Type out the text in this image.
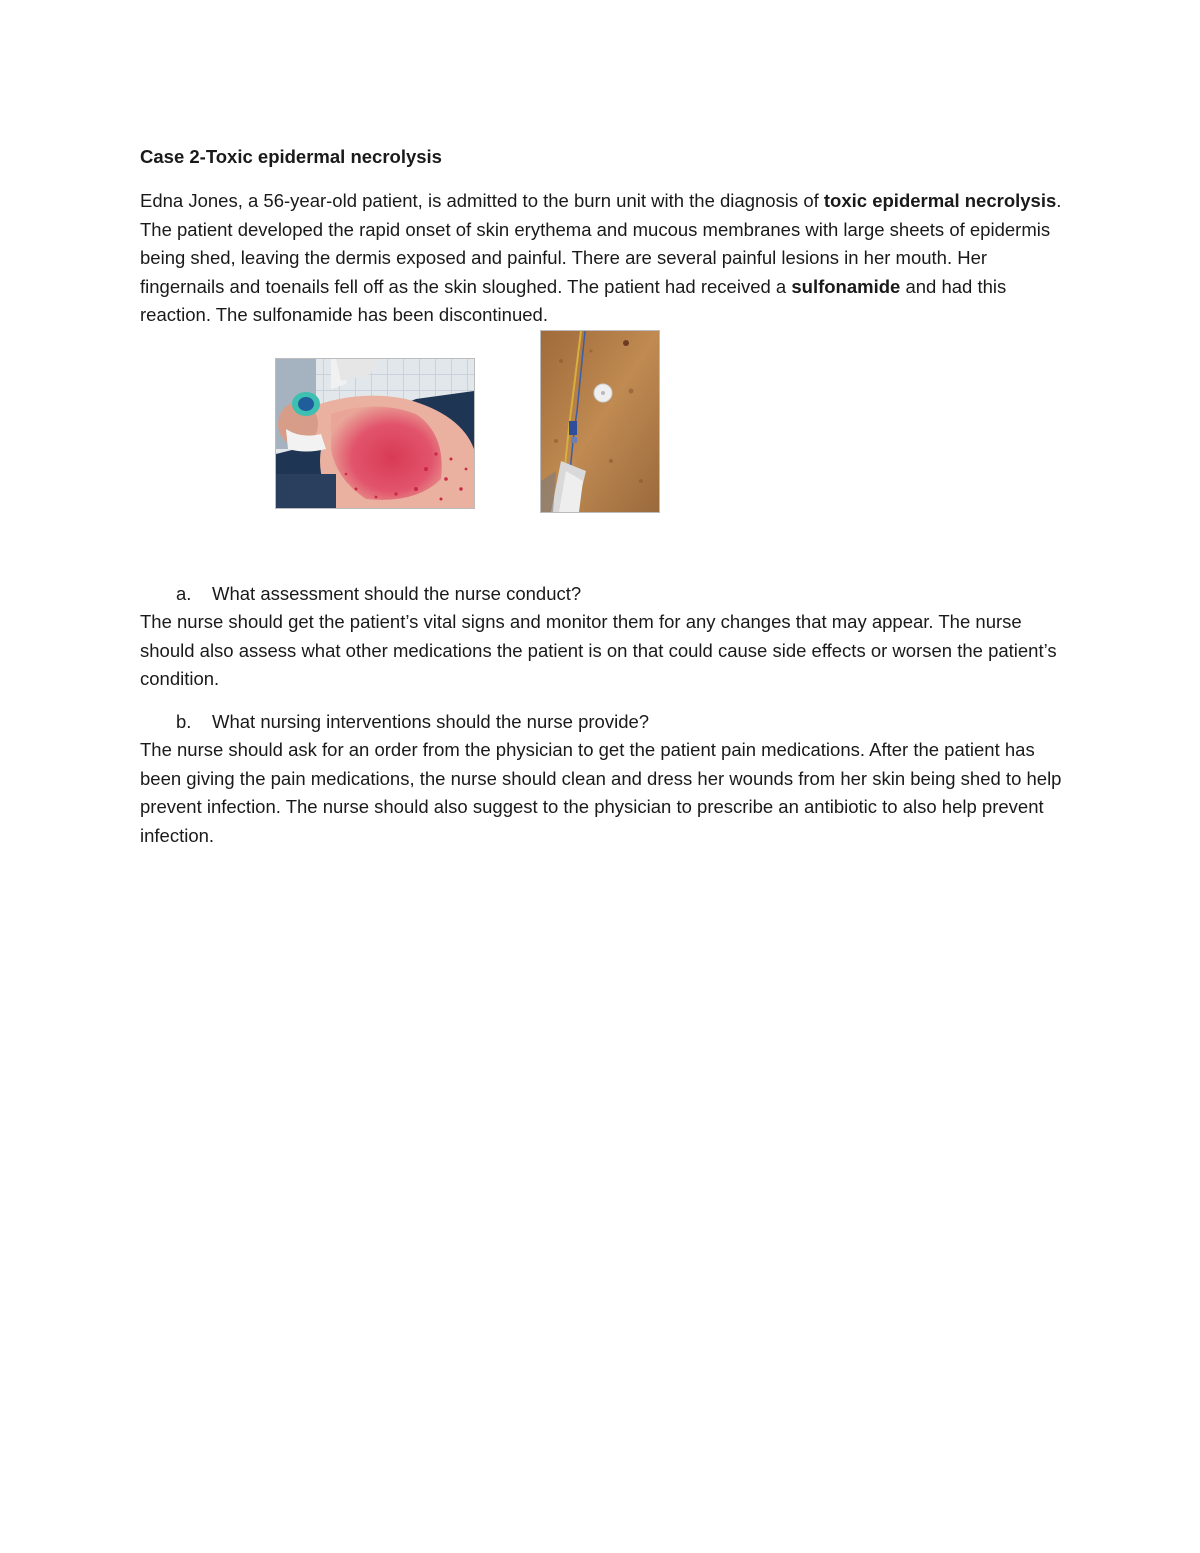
Case 2-Toxic epidermal necrolysis

Edna Jones, a 56-year-old patient, is admitted to the burn unit with the diagnosis of toxic epidermal necrolysis. The patient developed the rapid onset of skin erythema and mucous membranes with large sheets of epidermis being shed, leaving the dermis exposed and painful. There are several painful lesions in her mouth. Her fingernails and toenails fell off as the skin sloughed. The patient had received a sulfonamide and had this reaction. The sulfonamide has been discontinued.

a.	What assessment should the nurse conduct?

The nurse should get the patient’s vital signs and monitor them for any changes that may appear. The nurse should also assess what other medications the patient is on that could cause side effects or worsen the patient’s condition.

b.	What nursing interventions should the nurse provide?

The nurse should ask for an order from the physician to get the patient pain medications. After the patient has been giving the pain medications, the nurse should clean and dress her wounds from her skin being shed to help prevent infection. The nurse should also suggest to the physician to prescribe an antibiotic to also help prevent infection.
